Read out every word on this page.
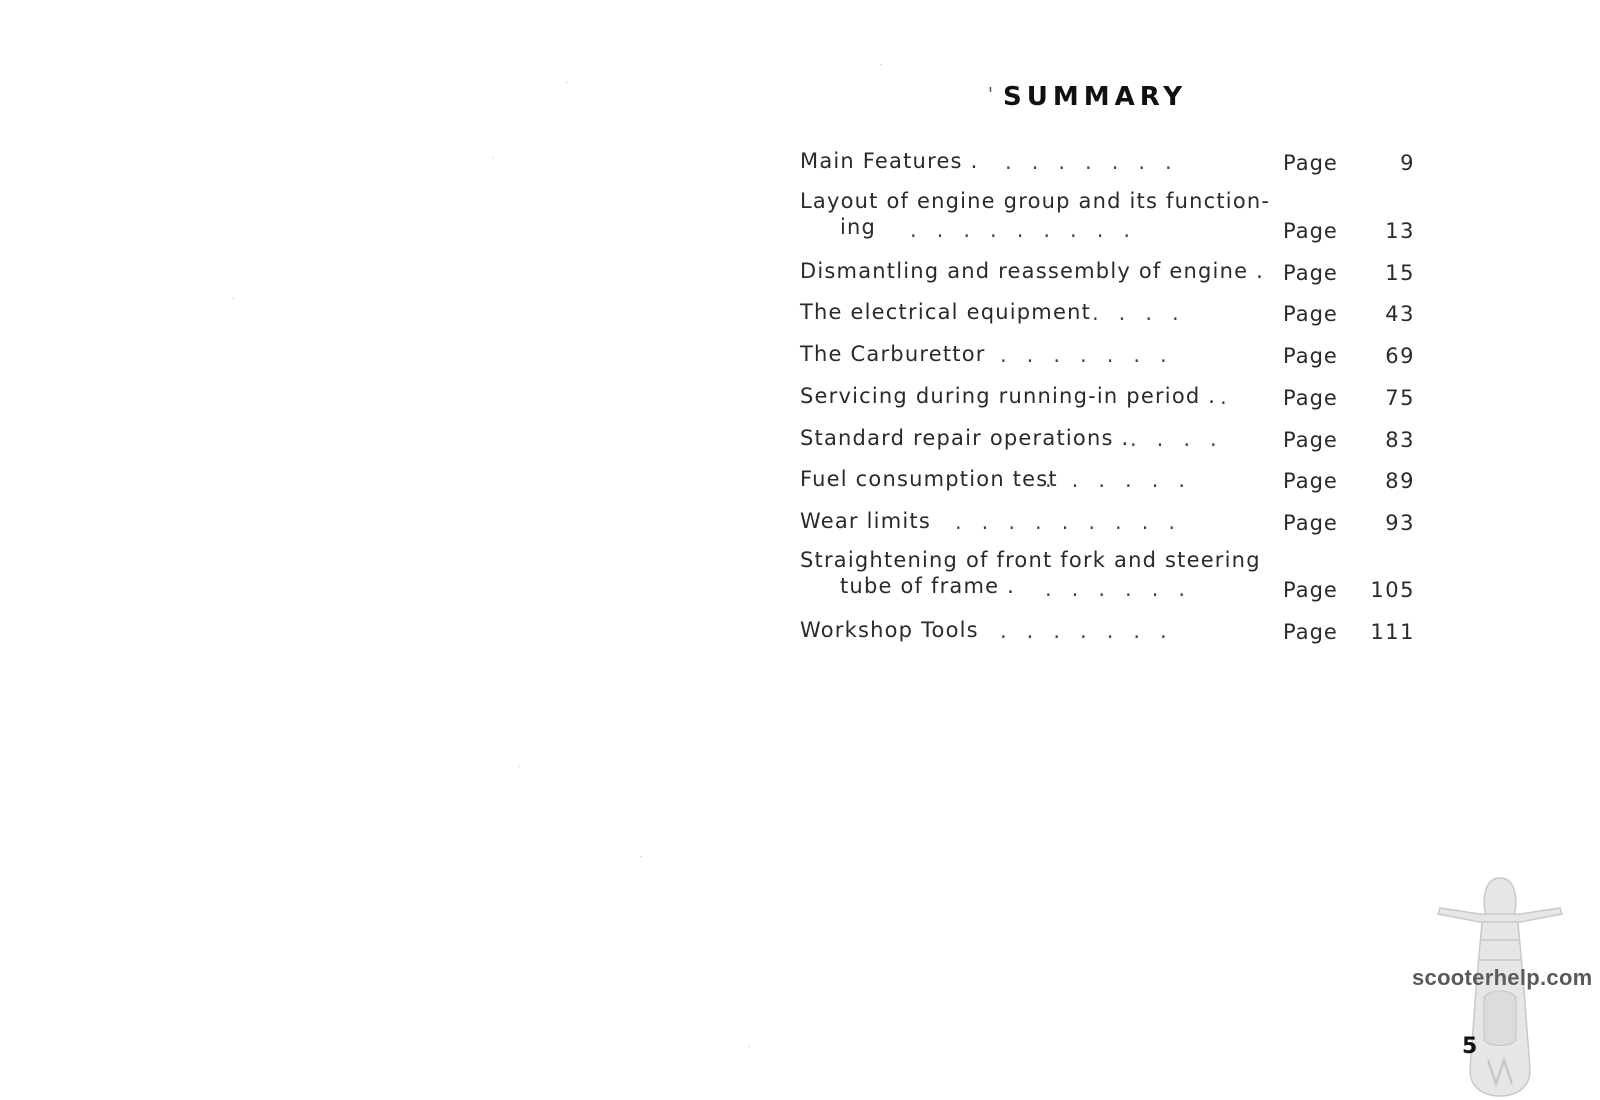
' SUMMARY
Main Features . .......	Page	9
Layout of engine group and its function-
ing .........	Page 13
Dismantling and reassembly of engine . Page 15
The electrical equipment ....	Page 43
The Carburettor .......	Page 69
Servicing during running-in period . . Page 75
Standard repair operations . .... Page 83
Fuel consumption test
......	Page 89
Wear limits .........	Page 93
Straightening of front fork and steering
tube of frame . ......	Page 105
Workshop Tools .......	Page 111
scooterhelp.com
5
